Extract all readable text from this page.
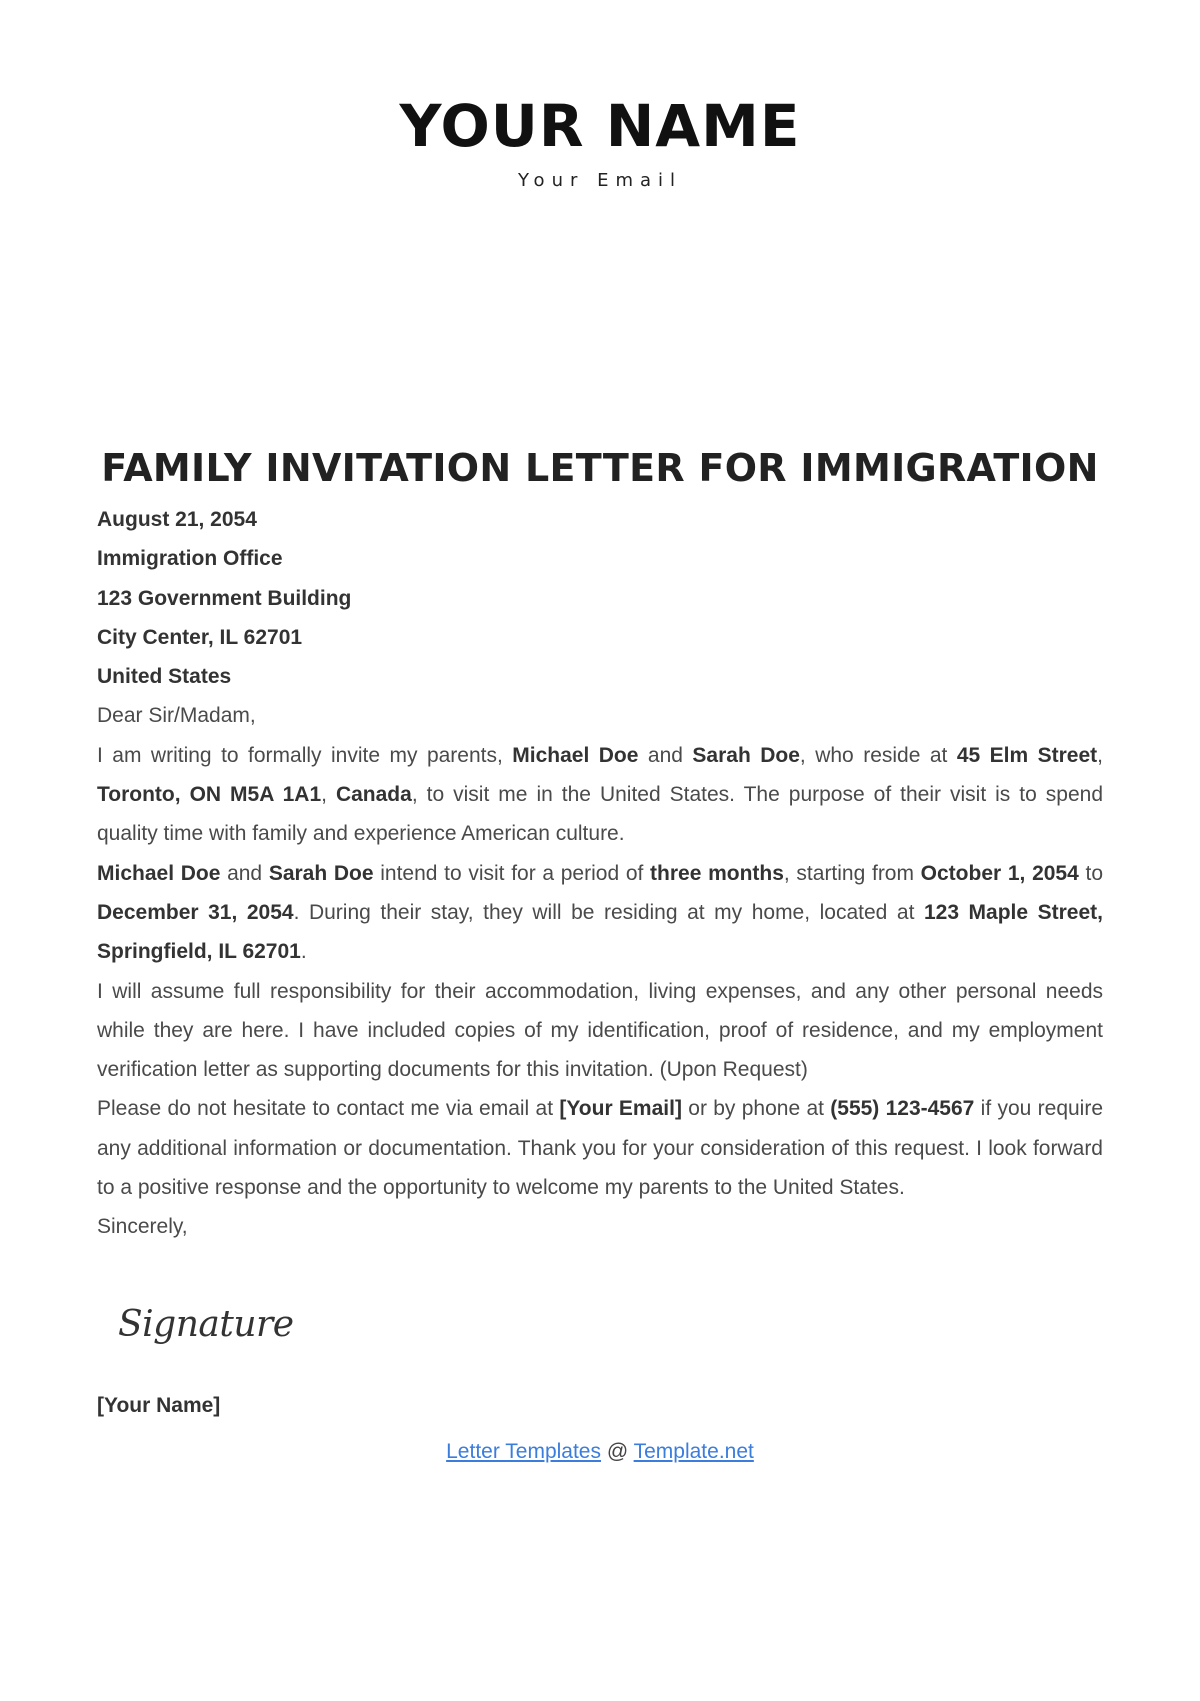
YOUR NAME
Your Email
FAMILY INVITATION LETTER FOR IMMIGRATION

August 21, 2054

Immigration Office

123 Government Building

City Center, IL 62701

United States

Dear Sir/Madam,

I am writing to formally invite my parents, Michael Doe and Sarah Doe, who reside at 45 Elm Street, Toronto, ON M5A 1A1, Canada, to visit me in the United States. The purpose of their visit is to spend quality time with family and experience American culture.

Michael Doe and Sarah Doe intend to visit for a period of three months, starting from October 1, 2054 to December 31, 2054. During their stay, they will be residing at my home, located at 123 Maple Street, Springfield, IL 62701.

I will assume full responsibility for their accommodation, living expenses, and any other personal needs while they are here. I have included copies of my identification, proof of residence, and my employment verification letter as supporting documents for this invitation. (Upon Request)

Please do not hesitate to contact me via email at [Your Email] or by phone at (555) 123-4567 if you require any additional information or documentation. Thank you for your consideration of this request. I look forward to a positive response and the opportunity to welcome my parents to the United States.

Sincerely,

Signature
[Your Name]
Letter Templates @ Template.net
